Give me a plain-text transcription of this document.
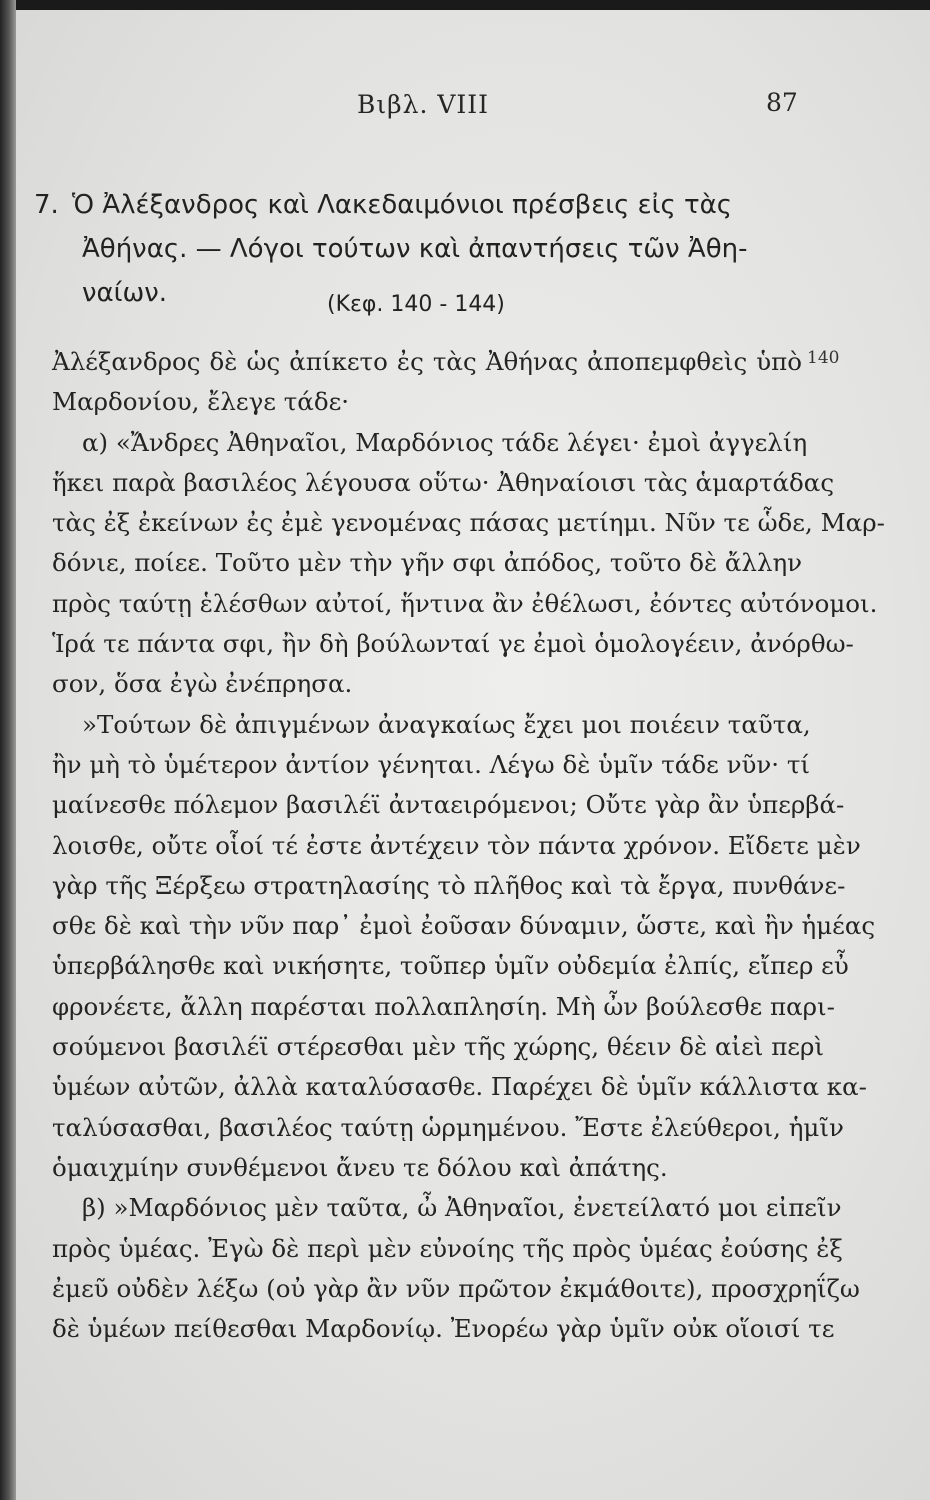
Βιβλ. VIII	87
7. Ὁ Ἀλέξανδρος καὶ Λακεδαιμόνιοι πρέσβεις εἰς τὰς
Ἀθήνας. — Λόγοι τούτων καὶ ἀπαντήσεις τῶν Ἀθη-
ναίων.	(Κεφ. 140 - 144)
140
Ἀλέξανδρος δὲ ὡς ἀπίκετο ἐς τὰς Ἀθήνας ἀποπεμφθεὶς ὑπὸ
Μαρδονίου, ἔλεγε τάδε·
α) «Ἄνδρες Ἀθηναῖοι, Μαρδόνιος τάδε λέγει· ἐμοὶ ἀγγελίη
ἥκει παρὰ βασιλέος λέγουσα οὕτω· Ἀθηναίοισι τὰς ἁμαρτάδας
τὰς ἐξ ἐκείνων ἐς ἐμὲ γενομένας πάσας μετίημι. Νῦν τε ὧδε, Μαρ-
δόνιε, ποίεε. Τοῦτο μὲν τὴν γῆν σφι ἀπόδος, τοῦτο δὲ ἄλλην
πρὸς ταύτῃ ἑλέσθων αὐτοί, ἥντινα ἂν ἐθέλωσι, ἐόντες αὐτόνομοι.
Ἱρά τε πάντα σφι, ἢν δὴ βούλωνταί γε ἐμοὶ ὁμολογέειν, ἀνόρθω-
σον, ὅσα ἐγὼ ἐνέπρησα.
»Τούτων δὲ ἀπιγμένων ἀναγκαίως ἔχει μοι ποιέειν ταῦτα,
ἢν μὴ τὸ ὑμέτερον ἀντίον γένηται. Λέγω δὲ ὑμῖν τάδε νῦν· τί
μαίνεσθε πόλεμον βασιλέϊ ἀνταειρόμενοι; Οὔτε γὰρ ἂν ὑπερβά-
λοισθε, οὔτε οἷοί τέ ἐστε ἀντέχειν τὸν πάντα χρόνον. Εἴδετε μὲν
γὰρ τῆς Ξέρξεω στρατηλασίης τὸ πλῆθος καὶ τὰ ἔργα, πυνθάνε-
σθε δὲ καὶ τὴν νῦν παρ᾽ ἐμοὶ ἐοῦσαν δύναμιν, ὥστε, καὶ ἢν ἡμέας
ὑπερβάλησθε καὶ νικήσητε, τοῦπερ ὑμῖν οὐδεμία ἐλπίς, εἴπερ εὖ
φρονέετε, ἄλλη παρέσται πολλαπλησίη. Μὴ ὦν βούλεσθε παρι-
σούμενοι βασιλέϊ στέρεσθαι μὲν τῆς χώρης, θέειν δὲ αἰεὶ περὶ
ὑμέων αὐτῶν, ἀλλὰ καταλύσασθε. Παρέχει δὲ ὑμῖν κάλλιστα κα-
ταλύσασθαι, βασιλέος ταύτῃ ὡρμημένου. Ἔστε ἐλεύθεροι, ἡμῖν
ὁμαιχμίην συνθέμενοι ἄνευ τε δόλου καὶ ἀπάτης.
β) »Μαρδόνιος μὲν ταῦτα, ὦ Ἀθηναῖοι, ἐνετείλατό μοι εἰπεῖν
πρὸς ὑμέας. Ἐγὼ δὲ περὶ μὲν εὐνοίης τῆς πρὸς ὑμέας ἐούσης ἐξ
ἐμεῦ οὐδὲν λέξω (οὐ γὰρ ἂν νῦν πρῶτον ἐκμάθοιτε), προσχρηΐζω
δὲ ὑμέων πείθεσθαι Μαρδονίῳ. Ἐνορέω γὰρ ὑμῖν οὐκ οἵοισί τε
